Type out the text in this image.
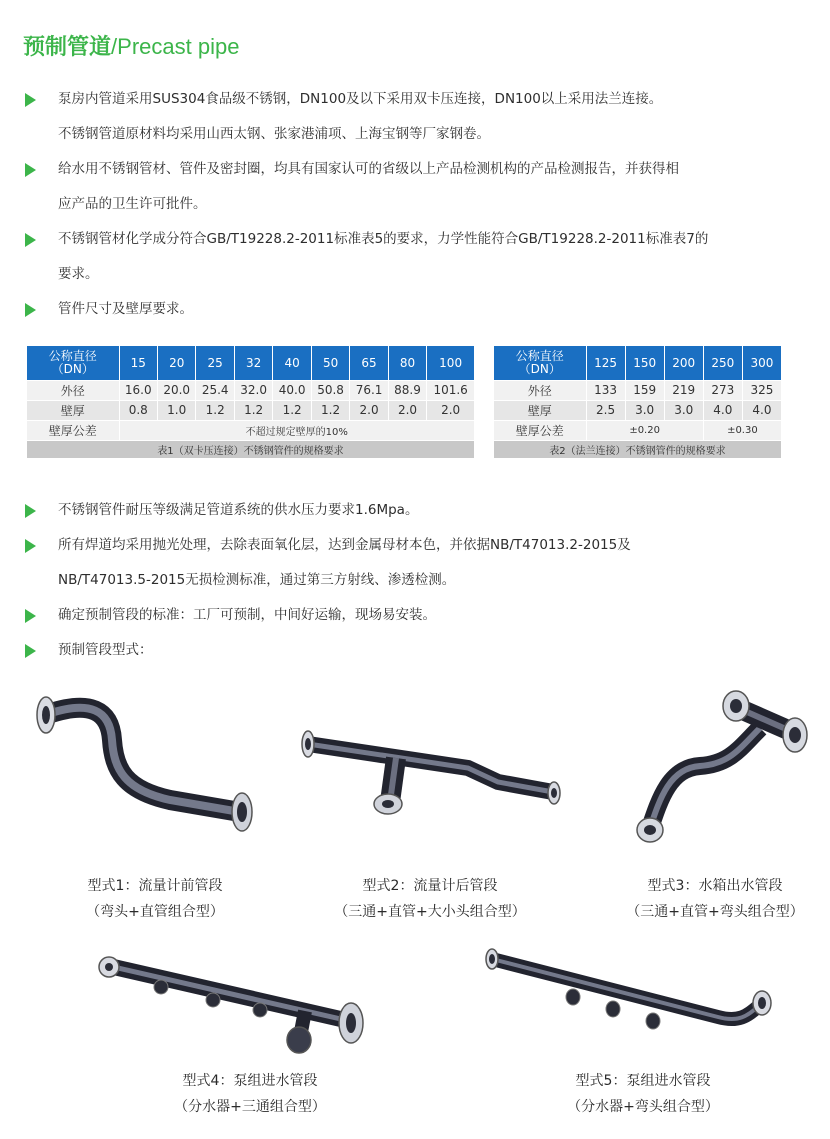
预制管道/Precast pipe
泵房内管道采用SUS304食品级不锈钢，DN100及以下采用双卡压连接，DN100以上采用法兰连接。
不锈钢管道原材料均采用山西太钢、张家港浦项、上海宝钢等厂家钢卷。
给水用不锈钢管材、管件及密封圈，均具有国家认可的省级以上产品检测机构的产品检测报告，并获得相
应产品的卫生许可批件。
不锈钢管材化学成分符合GB/T19228.2-2011标准表5的要求，力学性能符合GB/T19228.2-2011标准表7的
要求。
管件尺寸及壁厚要求。
公称直径
（DN）	15	20	25	32	40	50	65	80	100
外径	16.0	20.0	25.4	32.0	40.0	50.8	76.1	88.9	101.6
壁厚	0.8	1.0	1.2	1.2	1.2	1.2	2.0	2.0	2.0
壁厚公差	不超过规定壁厚的10%								
表1（双卡压连接）不锈钢管件的规格要求									
公称直径
（DN）	125	150	200	250	300
外径	133	159	219	273	325
壁厚	2.5	3.0	3.0	4.0	4.0
壁厚公差	±0.20			±0.30	
表2（法兰连接）不锈钢管件的规格要求					
不锈钢管件耐压等级满足管道系统的供水压力要求1.6Mpa。
所有焊道均采用抛光处理，去除表面氧化层，达到金属母材本色，并依据NB/T47013.2-2015及
NB/T47013.5-2015无损检测标准，通过第三方射线、渗透检测。
确定预制管段的标准：工厂可预制，中间好运输，现场易安装。
预制管段型式：
型式1：流量计前管段
（弯头+直管组合型）
型式2：流量计后管段
（三通+直管+大小头组合型）
型式3：水箱出水管段
（三通+直管+弯头组合型）
型式4：泵组进水管段
（分水器+三通组合型）
型式5：泵组进水管段
（分水器+弯头组合型）
